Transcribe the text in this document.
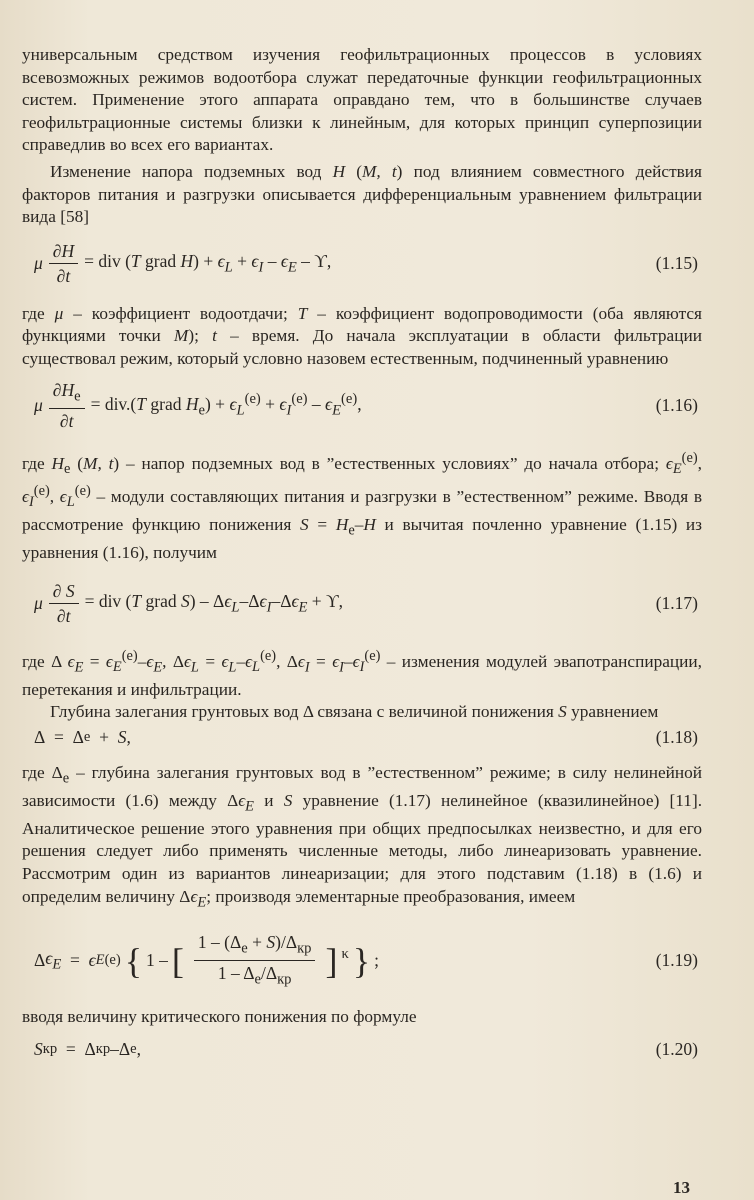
универсальным средством изучения геофильтрационных процессов в условиях всевозможных режимов водоотбора служат передаточные функции геофильтрационных систем. Применение этого аппарата оправдано тем, что в большинстве случаев геофильтрационные системы близки к линейным, для которых принцип суперпозиции справедлив во всех его вариантах.

Изменение напора подземных вод H (M, t) под влиянием совместного действия факторов питания и разгрузки описывается дифференциальным уравнением фильтрации вида [58]

μ $\frac{\partial H}{\partial t}$ = div (T grad $H) + \epsilon_L + \epsilon_I - \epsilon_E - ϒ$,	(1.15)

где μ – коэффициент водоотдачи; T – коэффициент водопроводимости (оба являются функциями точки M); t – время. До начала эксплуатации в области фильтрации существовал режим, который условно назовем естественным, подчиненный уравнению

μ $\frac{\partial H_e}{\partial t} = div.(T$ grad $H_e) + \epsilon_L^{(e)} + \epsilon_I^{(e)} - \epsilon_E^{(e)}$,	(1.16)

где $H_e$ (M, t) – напор подземных вод в ”естественных условиях” до начала отбора; $\epsilon_E^{(e)}$, $\epsilon_I^{(e)}$, $\epsilon_L^{(e)}$ – модули составляющих питания и разгрузки в ”естественном” режиме. Вводя в рассмотрение функцию понижения $S = H_e-H$ и вычитая почленно уравнение (1.15) из уравнения (1.16), получим

μ $\frac{\partial S}{\partial t}$ = div (T grad $S) - \Delta\epsilon_L-\Delta\epsilon_I-\Delta\epsilon_E + ϒ$,	(1.17)

где Δ $\epsilon_E = \epsilon_E^{(e)}-\epsilon_E$, $\Delta\epsilon_L = \epsilon_L-\epsilon_L^{(e)}$, $\Delta\epsilon_I = \epsilon_I-\epsilon_I^{(e)}$ – изменения модулей эвапотранспирации, перетекания и инфильтрации.

Глубина залегания грунтовых вод Δ связана с величиной понижения S уравнением

Δ  =  Δ e + S ,	(1.18)

где $\Delta_e$ – глубина залегания грунтовых вод в ”естественном” режиме; в силу нелинейной зависимости (1.6) между $\Delta\epsilon_E$ и S уравнение (1.17) нелинейное (квазилинейное) [11]. Аналитическое решение этого уравнения при общих предпосылках неизвестно, и для его решения следует либо применять численные методы, либо линеаризовать уравнение. Рассмотрим один из вариантов линеаризации; для этого подставим (1.18) в (1.6) и определим величину $\Delta\epsilon_E$; производя элементарные преобразования, имеем

Δ $\epsilon_E = \epsilon$ E (e) { 1 – [ $\frac{1 - (\Delta_e + S)/\Delta_{кр}}{1 - \Delta_e/\Delta_{кр}}$ ] $^\kappa$ } ;	(1.19)

вводя величину критического понижения по формуле

S кр =  Δ кр –Δ e ,	(1.20)
13
